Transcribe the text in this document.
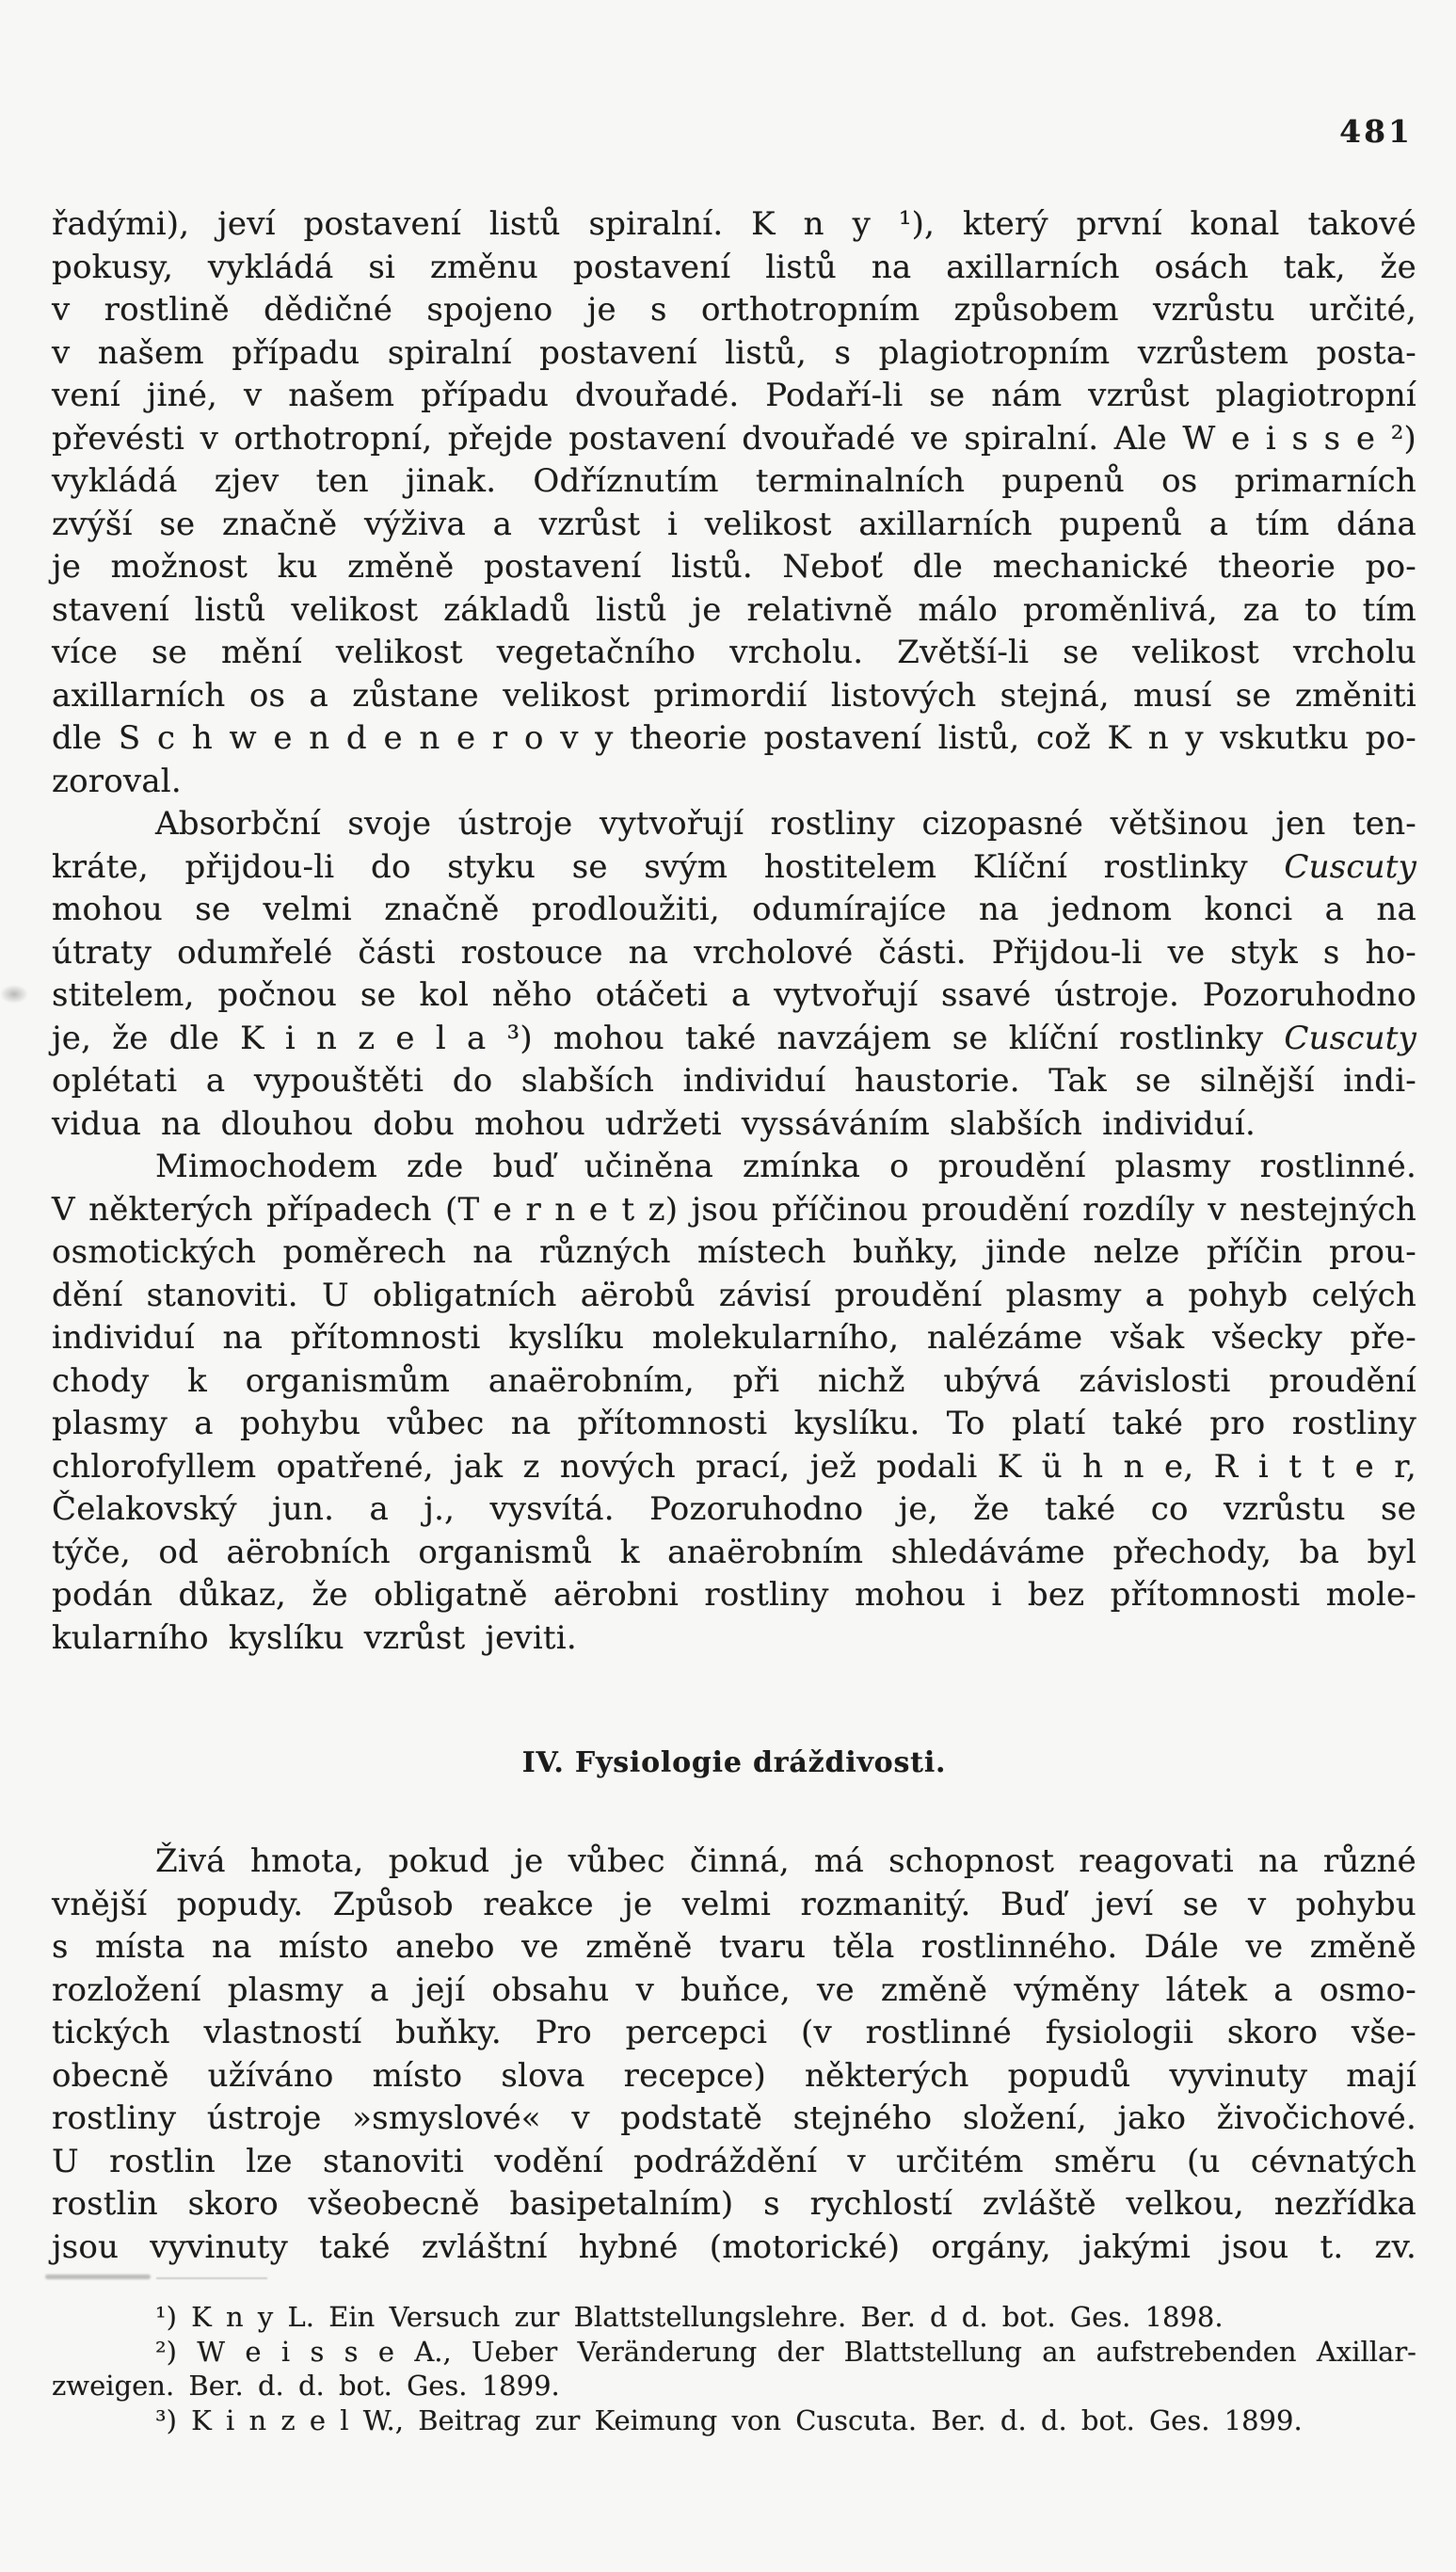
481
řadými), jeví postavení listů spiralní. K n y ¹), který první konal takové
pokusy, vykládá si změnu postavení listů na axillarních osách tak, že
v rostlině dědičné spojeno je s orthotropním způsobem vzrůstu určité,
v našem případu spiralní postavení listů, s plagiotropním vzrůstem posta-
vení jiné, v našem případu dvouřadé. Podaří-li se nám vzrůst plagiotropní
převésti v orthotropní, přejde postavení dvouřadé ve spiralní. Ale W e i s s e ²)
vykládá zjev ten jinak. Odříznutím terminalních pupenů os primarních
zvýší se značně výživa a vzrůst i velikost axillarních pupenů a tím dána
je možnost ku změně postavení listů. Neboť dle mechanické theorie po-
stavení listů velikost základů listů je relativně málo proměnlivá, za to tím
více se mění velikost vegetačního vrcholu. Zvětší-li se velikost vrcholu
axillarních os a zůstane velikost primordií listových stejná, musí se změniti
dle S c h w e n d e n e r o v y theorie postavení listů, což K n y vskutku po-
zoroval.
Absorbční svoje ústroje vytvořují rostliny cizopasné většinou jen ten-
kráte, přijdou-li do styku se svým hostitelem Klíční rostlinky Cuscuty
mohou se velmi značně prodloužiti, odumírajíce na jednom konci a na
útraty odumřelé části rostouce na vrcholové části. Přijdou-li ve styk s ho-
stitelem, počnou se kol něho otáčeti a vytvořují ssavé ústroje. Pozoruhodno
je, že dle K i n z e l a ³) mohou také navzájem se klíční rostlinky Cuscuty
oplétati a vypouštěti do slabších individuí haustorie. Tak se silnější indi-
vidua na dlouhou dobu mohou udržeti vyssáváním slabších individuí.
Mimochodem zde buď učiněna zmínka o proudění plasmy rostlinné.
V některých případech (T e r n e t z) jsou příčinou proudění rozdíly v nestejných
osmotických poměrech na různých místech buňky, jinde nelze příčin prou-
dění stanoviti. U obligatních aërobů závisí proudění plasmy a pohyb celých
individuí na přítomnosti kyslíku molekularního, nalézáme však všecky pře-
chody k organismům anaërobním, při nichž ubývá závislosti proudění
plasmy a pohybu vůbec na přítomnosti kyslíku. To platí také pro rostliny
chlorofyllem opatřené, jak z nových prací, jež podali K ü h n e, R i t t e r,
Čelakovský jun. a j., vysvítá. Pozoruhodno je, že také co vzrůstu se
týče, od aërobních organismů k anaërobním shledáváme přechody, ba byl
podán důkaz, že obligatně aërobni rostliny mohou i bez přítomnosti mole-
kularního kyslíku vzrůst jeviti.
IV. Fysiologie dráždivosti.
Živá hmota, pokud je vůbec činná, má schopnost reagovati na různé
vnější popudy. Způsob reakce je velmi rozmanitý. Buď jeví se v pohybu
s místa na místo anebo ve změně tvaru těla rostlinného. Dále ve změně
rozložení plasmy a její obsahu v buňce, ve změně výměny látek a osmo-
tických vlastností buňky. Pro percepci (v rostlinné fysiologii skoro vše-
obecně užíváno místo slova recepce) některých popudů vyvinuty mají
rostliny ústroje »smyslové« v podstatě stejného složení, jako živočichové.
U rostlin lze stanoviti vodění podráždění v určitém směru (u cévnatých
rostlin skoro všeobecně basipetalním) s rychlostí zvláště velkou, nezřídka
jsou vyvinuty také zvláštní hybné (motorické) orgány, jakými jsou t. zv.
¹) K n y L. Ein Versuch zur Blattstellungslehre. Ber. d d. bot. Ges. 1898.
²) W e i s s e A., Ueber Veränderung der Blattstellung an aufstrebenden Axillar-
zweigen. Ber. d. d. bot. Ges. 1899.
³) K i n z e l W., Beitrag zur Keimung von Cuscuta. Ber. d. d. bot. Ges. 1899.
